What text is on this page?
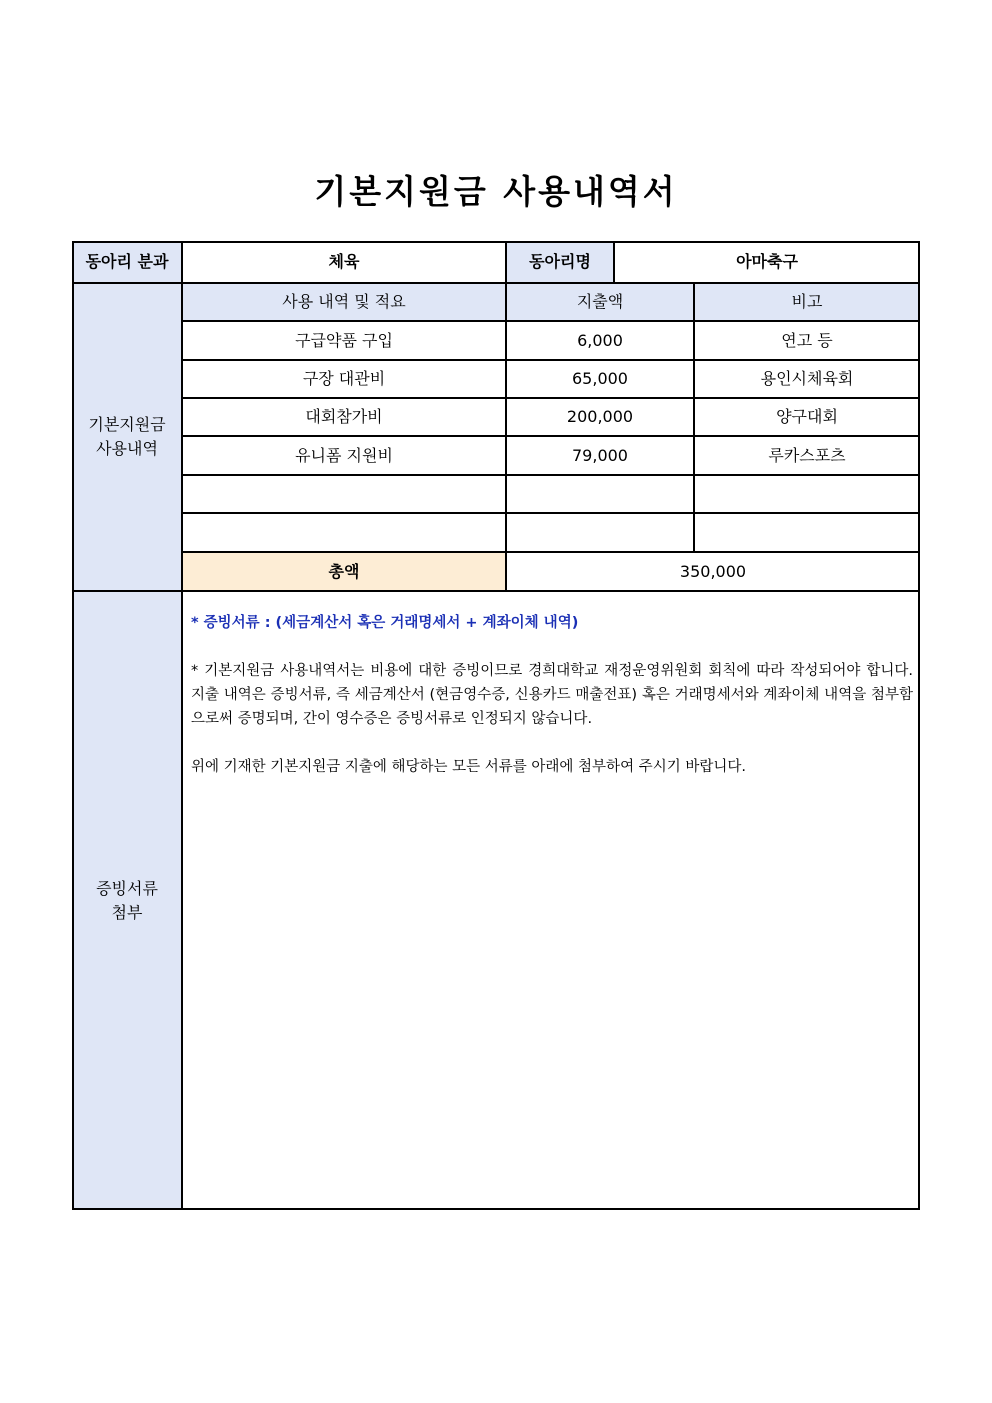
기본지원금 사용내역서
동아리 분과	체육	동아리명	아마축구
기본지원금
사용내역
사용 내역 및 적요	지출액	비고
구급약품 구입	6,000	연고 등
구장 대관비	65,000	용인시체육회
대회참가비	200,000	양구대회
유니폼 지원비	79,000	루카스포츠
총액	350,000
증빙서류
첨부

* 증빙서류 : (세금계산서 혹은 거래명세서 + 계좌이체 내역)

* 기본지원금 사용내역서는 비용에 대한 증빙이므로 경희대학교 재정운영위원회 회칙에 따라 작성되어야 합니다. 지출 내역은 증빙서류, 즉 세금계산서 (현금영수증, 신용카드 매출전표) 혹은 거래명세서와 계좌이체 내역을 첨부함으로써 증명되며, 간이 영수증은 증빙서류로 인정되지 않습니다.

위에 기재한 기본지원금 지출에 해당하는 모든 서류를 아래에 첨부하여 주시기 바랍니다.
